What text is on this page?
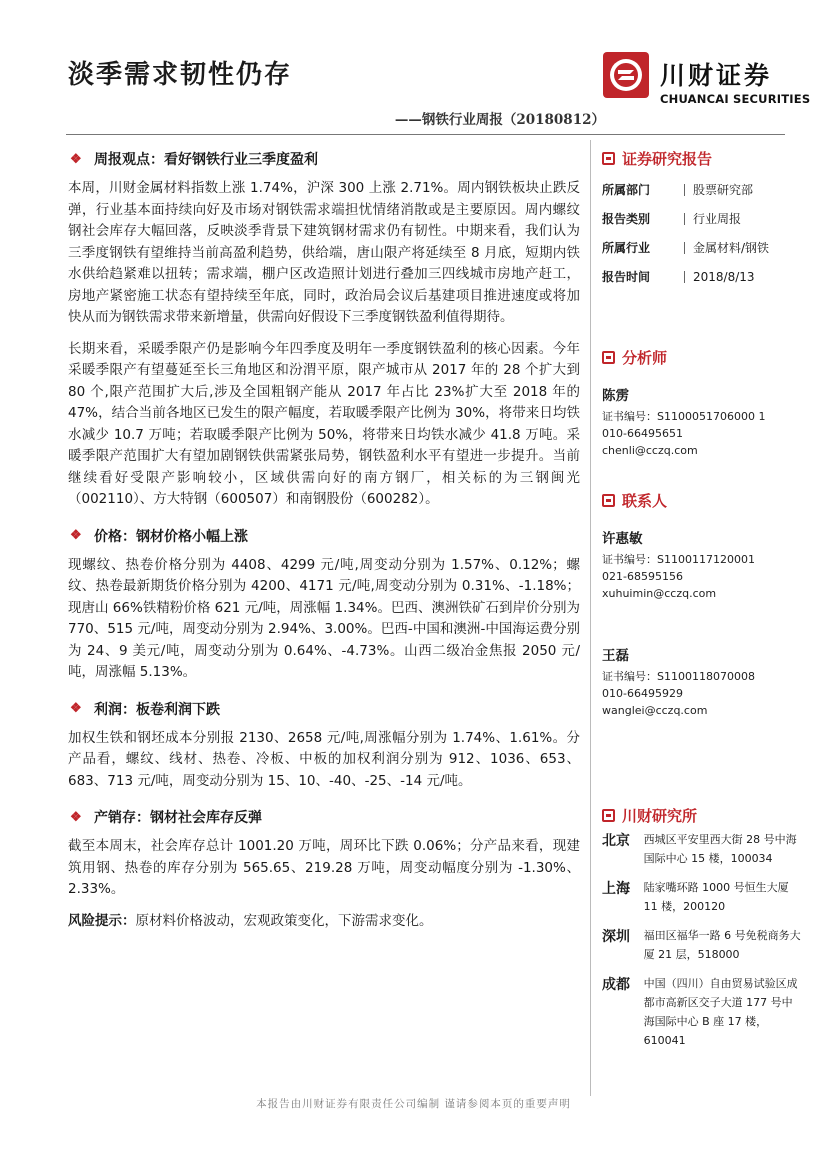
淡季需求韧性仍存
——钢铁行业周报（20180812）
川财证券
CHUANCAI SECURITIES
❖ 周报观点：看好钢铁行业三季度盈利
本周，川财金属材料指数上涨 1.74%，沪深 300 上涨 2.71%。周内钢铁板块止跌反弹，行业基本面持续向好及市场对钢铁需求端担忧情绪消散或是主要原因。周内螺纹钢社会库存大幅回落，反映淡季背景下建筑钢材需求仍有韧性。中期来看，我们认为三季度钢铁有望维持当前高盈利趋势，供给端，唐山限产将延续至 8 月底，短期内铁水供给趋紧难以扭转；需求端，棚户区改造照计划进行叠加三四线城市房地产赶工，房地产紧密施工状态有望持续至年底，同时，政治局会议后基建项目推进速度或将加快从而为钢铁需求带来新增量，供需向好假设下三季度钢铁盈利值得期待。
长期来看，采暖季限产仍是影响今年四季度及明年一季度钢铁盈利的核心因素。今年采暖季限产有望蔓延至长三角地区和汾渭平原，限产城市从 2017 年的 28 个扩大到 80 个,限产范围扩大后,涉及全国粗钢产能从 2017 年占比 23%扩大至 2018 年的 47%，结合当前各地区已发生的限产幅度，若取暖季限产比例为 30%，将带来日均铁水减少 10.7 万吨；若取暖季限产比例为 50%，将带来日均铁水减少 41.8 万吨。采暖季限产范围扩大有望加剧钢铁供需紧张局势，钢铁盈利水平有望进一步提升。当前继续看好受限产影响较小，区域供需向好的南方钢厂，相关标的为三钢闽光（002110）、方大特钢（600507）和南钢股份（600282）。
❖ 价格：钢材价格小幅上涨
现螺纹、热卷价格分别为 4408、4299 元/吨,周变动分别为 1.57%、0.12%；螺纹、热卷最新期货价格分别为 4200、4171 元/吨,周变动分别为 0.31%、-1.18%；现唐山 66%铁精粉价格 621 元/吨，周涨幅 1.34%。巴西、澳洲铁矿石到岸价分别为 770、515 元/吨，周变动分别为 2.94%、3.00%。巴西-中国和澳洲-中国海运费分别为 24、9 美元/吨，周变动分别为 0.64%、-4.73%。山西二级冶金焦报 2050 元/吨，周涨幅 5.13%。
❖ 利润：板卷利润下跌
加权生铁和钢坯成本分别报 2130、2658 元/吨,周涨幅分别为 1.74%、1.61%。分产品看，螺纹、线材、热卷、冷板、中板的加权利润分别为 912、1036、653、683、713 元/吨，周变动分别为 15、10、-40、-25、-14 元/吨。
❖ 产销存：钢材社会库存反弹
截至本周末，社会库存总计 1001.20 万吨，周环比下跌 0.06%；分产品来看，现建筑用钢、热卷的库存分别为 565.65、219.28 万吨，周变动幅度分别为 -1.30%、2.33%。
风险提示：原材料价格波动，宏观政策变化，下游需求变化。
证券研究报告
所属部门	股票研究部
报告类别	行业周报
所属行业	金属材料/钢铁
报告时间	2018/8/13
分析师
陈雳
证书编号：S1100051706000 1
010-66495651
chenli@cczq.com
联系人
许惠敏
证书编号：S1100117120001
021-68595156
xuhuimin@cczq.com
王磊
证书编号：S1100118070008
010-66495929
wanglei@cczq.com
川财研究所
北京	西城区平安里西大街 28 号中海国际中心 15 楼，100034
上海	陆家嘴环路 1000 号恒生大厦 11 楼，200120
深圳	福田区福华一路 6 号免税商务大厦 21 层，518000
成都	中国（四川）自由贸易试验区成都市高新区交子大道 177 号中海国际中心 B 座 17 楼，610041
本报告由川财证券有限责任公司编制 谨请参阅本页的重要声明
